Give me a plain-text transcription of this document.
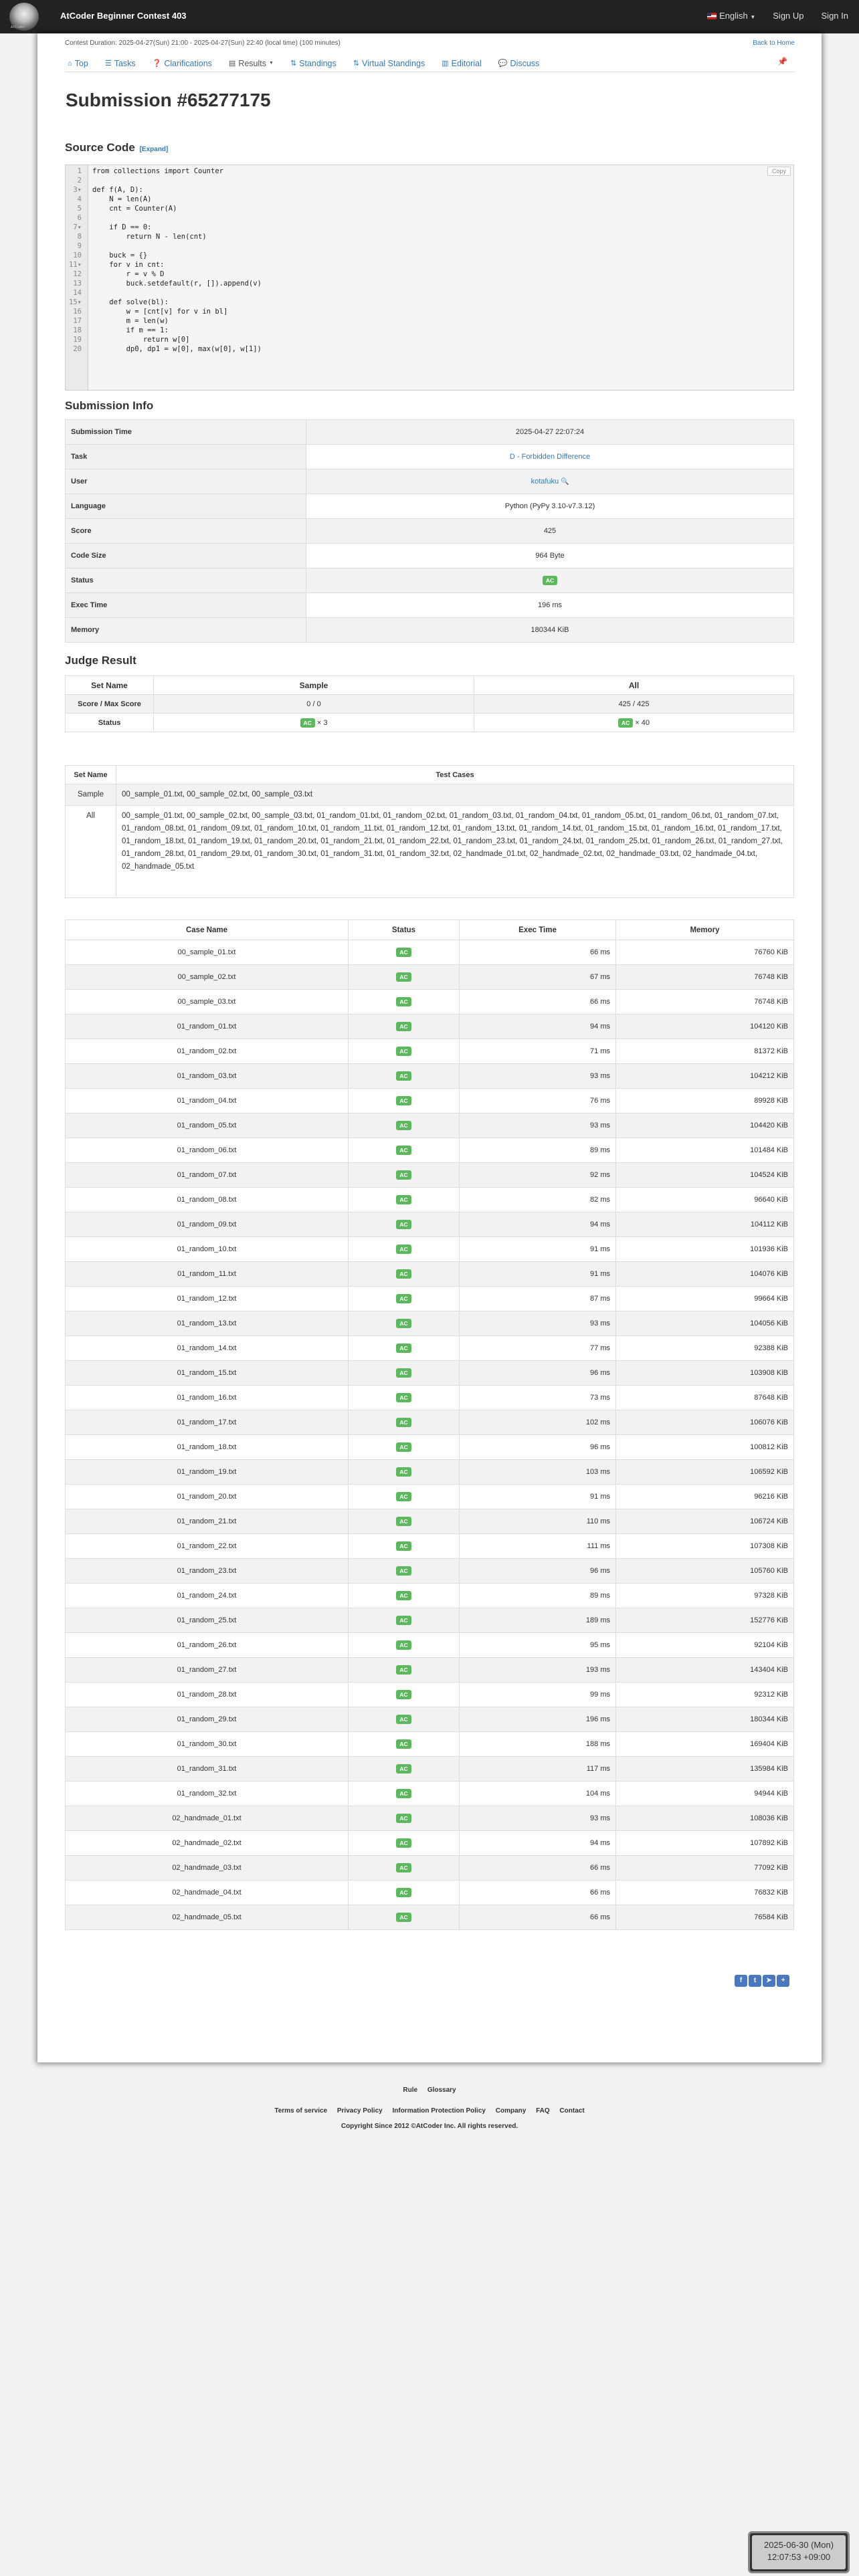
AtCoder
AtCoder Beginner Contest 403	English ▼ Sign Up Sign In
Contest Duration: 2025-04-27(Sun) 21:00 - 2025-04-27(Sun) 22:40 (local time) (100 minutes)	Back to Home
⌂ Top ☰ Tasks ❓ Clarifications ▤ Results ▼ ⇅ Standings ⇅ Virtual Standings ▥ Editorial 💬 Discuss	📌
Submission #65277175
Source Code [Expand]
Copy
1 from collections import Counter
2
3▾ def f(A, D):
4 N = len(A)
5 cnt = Counter(A)
6
7▾ if D == 0:
8 return N - len(cnt)
9
10 buck = {}
11▾ for v in cnt:
12 r = v % D
13 buck.setdefault(r, []).append(v)
14
15▾ def solve(bl):
16 w = [cnt[v] for v in bl]
17 m = len(w)
18 if m == 1:
19 return w[0]
20 dp0, dp1 = w[0], max(w[0], w[1])
Submission Info
Submission Time	2025-04-27 22:07:24
Task	D - Forbidden Difference
User	kotafuku 🔍
Language	Python (PyPy 3.10-v7.3.12)
Score	425
Code Size	964 Byte
Status	AC
Exec Time	196 ms
Memory	180344 KiB
Judge Result
Set Name	Sample	All
Score / Max Score	0 / 0	425 / 425
Status	AC × 3	AC × 40
Set Name	Test Cases
Sample	00_sample_01.txt, 00_sample_02.txt, 00_sample_03.txt
All	00_sample_01.txt, 00_sample_02.txt, 00_sample_03.txt, 01_random_01.txt, 01_random_02.txt, 01_random_03.txt, 01_random_04.txt, 01_random_05.txt, 01_random_06.txt, 01_random_07.txt, 01_random_08.txt, 01_random_09.txt, 01_random_10.txt, 01_random_11.txt, 01_random_12.txt, 01_random_13.txt, 01_random_14.txt, 01_random_15.txt, 01_random_16.txt, 01_random_17.txt, 01_random_18.txt, 01_random_19.txt, 01_random_20.txt, 01_random_21.txt, 01_random_22.txt, 01_random_23.txt, 01_random_24.txt, 01_random_25.txt, 01_random_26.txt, 01_random_27.txt, 01_random_28.txt, 01_random_29.txt, 01_random_30.txt, 01_random_31.txt, 01_random_32.txt, 02_handmade_01.txt, 02_handmade_02.txt, 02_handmade_03.txt, 02_handmade_04.txt, 02_handmade_05.txt
Case Name	Status	Exec Time	Memory
00_sample_01.txt	AC	66 ms	76760 KiB
00_sample_02.txt	AC	67 ms	76748 KiB
00_sample_03.txt	AC	66 ms	76748 KiB
01_random_01.txt	AC	94 ms	104120 KiB
01_random_02.txt	AC	71 ms	81372 KiB
01_random_03.txt	AC	93 ms	104212 KiB
01_random_04.txt	AC	76 ms	89928 KiB
01_random_05.txt	AC	93 ms	104420 KiB
01_random_06.txt	AC	89 ms	101484 KiB
01_random_07.txt	AC	92 ms	104524 KiB
01_random_08.txt	AC	82 ms	96640 KiB
01_random_09.txt	AC	94 ms	104112 KiB
01_random_10.txt	AC	91 ms	101936 KiB
01_random_11.txt	AC	91 ms	104076 KiB
01_random_12.txt	AC	87 ms	99664 KiB
01_random_13.txt	AC	93 ms	104056 KiB
01_random_14.txt	AC	77 ms	92388 KiB
01_random_15.txt	AC	96 ms	103908 KiB
01_random_16.txt	AC	73 ms	87648 KiB
01_random_17.txt	AC	102 ms	106076 KiB
01_random_18.txt	AC	96 ms	100812 KiB
01_random_19.txt	AC	103 ms	106592 KiB
01_random_20.txt	AC	91 ms	96216 KiB
01_random_21.txt	AC	110 ms	106724 KiB
01_random_22.txt	AC	111 ms	107308 KiB
01_random_23.txt	AC	96 ms	105760 KiB
01_random_24.txt	AC	89 ms	97328 KiB
01_random_25.txt	AC	189 ms	152776 KiB
01_random_26.txt	AC	95 ms	92104 KiB
01_random_27.txt	AC	193 ms	143404 KiB
01_random_28.txt	AC	99 ms	92312 KiB
01_random_29.txt	AC	196 ms	180344 KiB
01_random_30.txt	AC	188 ms	169404 KiB
01_random_31.txt	AC	117 ms	135984 KiB
01_random_32.txt	AC	104 ms	94944 KiB
02_handmade_01.txt	AC	93 ms	108036 KiB
02_handmade_02.txt	AC	94 ms	107892 KiB
02_handmade_03.txt	AC	66 ms	77092 KiB
02_handmade_04.txt	AC	66 ms	76832 KiB
02_handmade_05.txt	AC	66 ms	76584 KiB
f	t	➤	+
Rule Glossary
Terms of service Privacy Policy Information Protection Policy Company FAQ Contact
Copyright Since 2012 ©AtCoder Inc. All rights reserved.
2025-06-30 (Mon)
12:07:53 +09:00
